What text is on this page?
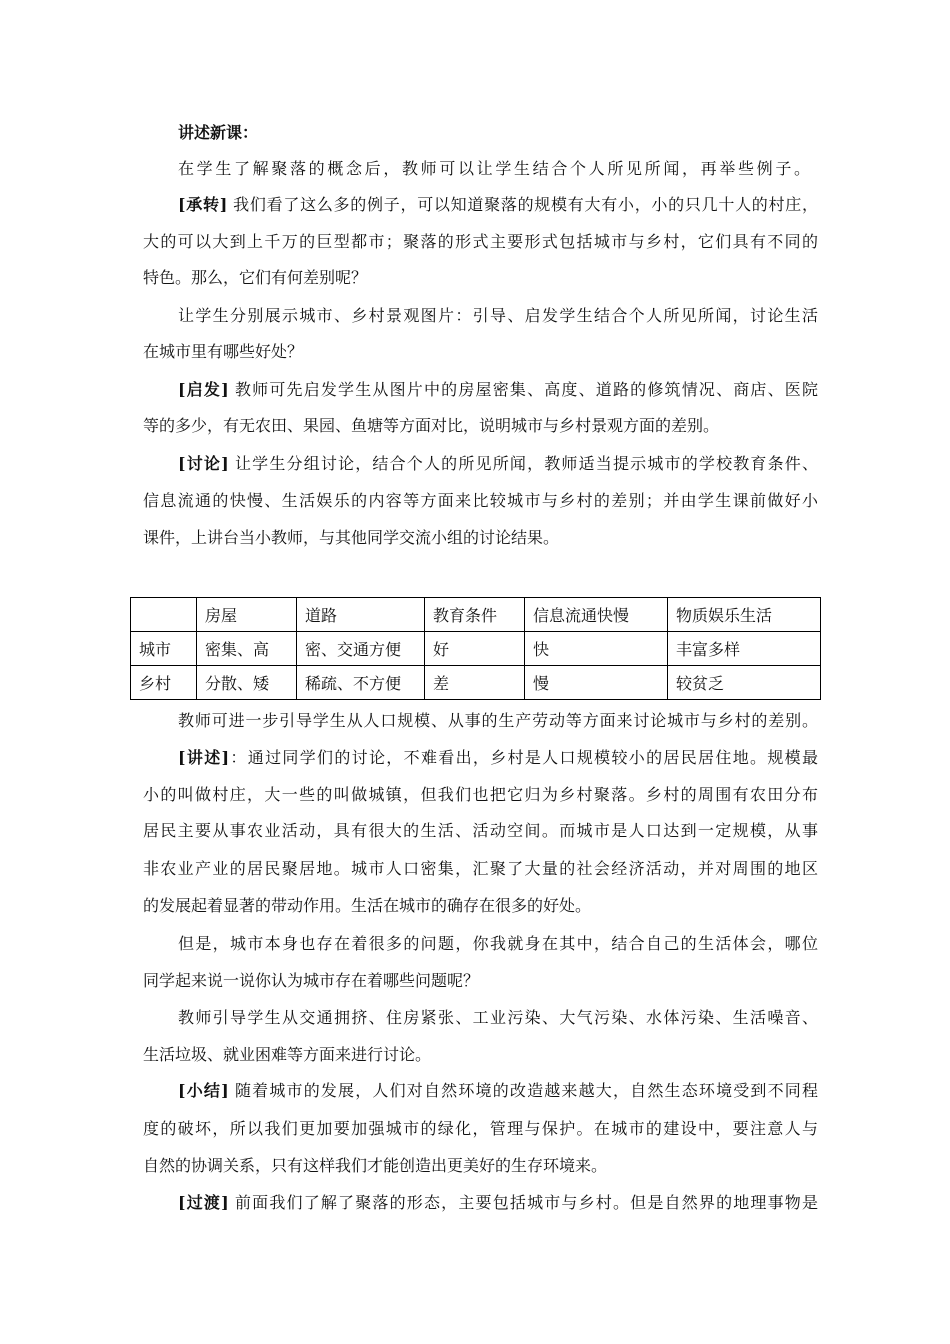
讲述新课：
在学生了解聚落的概念后，教师可以让学生结合个人所见所闻，再举些例子。
[承转] 我们看了这么多的例子，可以知道聚落的规模有大有小，小的只几十人的村庄，
大的可以大到上千万的巨型都市；聚落的形式主要形式包括城市与乡村，它们具有不同的
特色。那么，它们有何差别呢？
让学生分别展示城市、乡村景观图片：引导、启发学生结合个人所见所闻，讨论生活
在城市里有哪些好处？
[启发] 教师可先启发学生从图片中的房屋密集、高度、道路的修筑情况、商店、医院
等的多少，有无农田、果园、鱼塘等方面对比，说明城市与乡村景观方面的差别。
[讨论] 让学生分组讨论，结合个人的所见所闻，教师适当提示城市的学校教育条件、
信息流通的快慢、生活娱乐的内容等方面来比较城市与乡村的差别；并由学生课前做好小
课件，上讲台当小教师，与其他同学交流小组的讨论结果。
	房屋	道路	教育条件	信息流通快慢	物质娱乐生活
城市	密集、高	密、交通方便	好	快	丰富多样
乡村	分散、矮	稀疏、不方便	差	慢	较贫乏
教师可进一步引导学生从人口规模、从事的生产劳动等方面来讨论城市与乡村的差别。
[讲述]：通过同学们的讨论，不难看出，乡村是人口规模较小的居民居住地。规模最
小的叫做村庄，大一些的叫做城镇，但我们也把它归为乡村聚落。乡村的周围有农田分布
居民主要从事农业活动，具有很大的生活、活动空间。而城市是人口达到一定规模，从事
非农业产业的居民聚居地。城市人口密集，汇聚了大量的社会经济活动，并对周围的地区
的发展起着显著的带动作用。生活在城市的确存在很多的好处。
但是，城市本身也存在着很多的问题，你我就身在其中，结合自己的生活体会，哪位
同学起来说一说你认为城市存在着哪些问题呢？
教师引导学生从交通拥挤、住房紧张、工业污染、大气污染、水体污染、生活噪音、
生活垃圾、就业困难等方面来进行讨论。
[小结] 随着城市的发展，人们对自然环境的改造越来越大，自然生态环境受到不同程
度的破坏，所以我们更加要加强城市的绿化，管理与保护。在城市的建设中，要注意人与
自然的协调关系，只有这样我们才能创造出更美好的生存环境来。
[过渡] 前面我们了解了聚落的形态，主要包括城市与乡村。但是自然界的地理事物是
